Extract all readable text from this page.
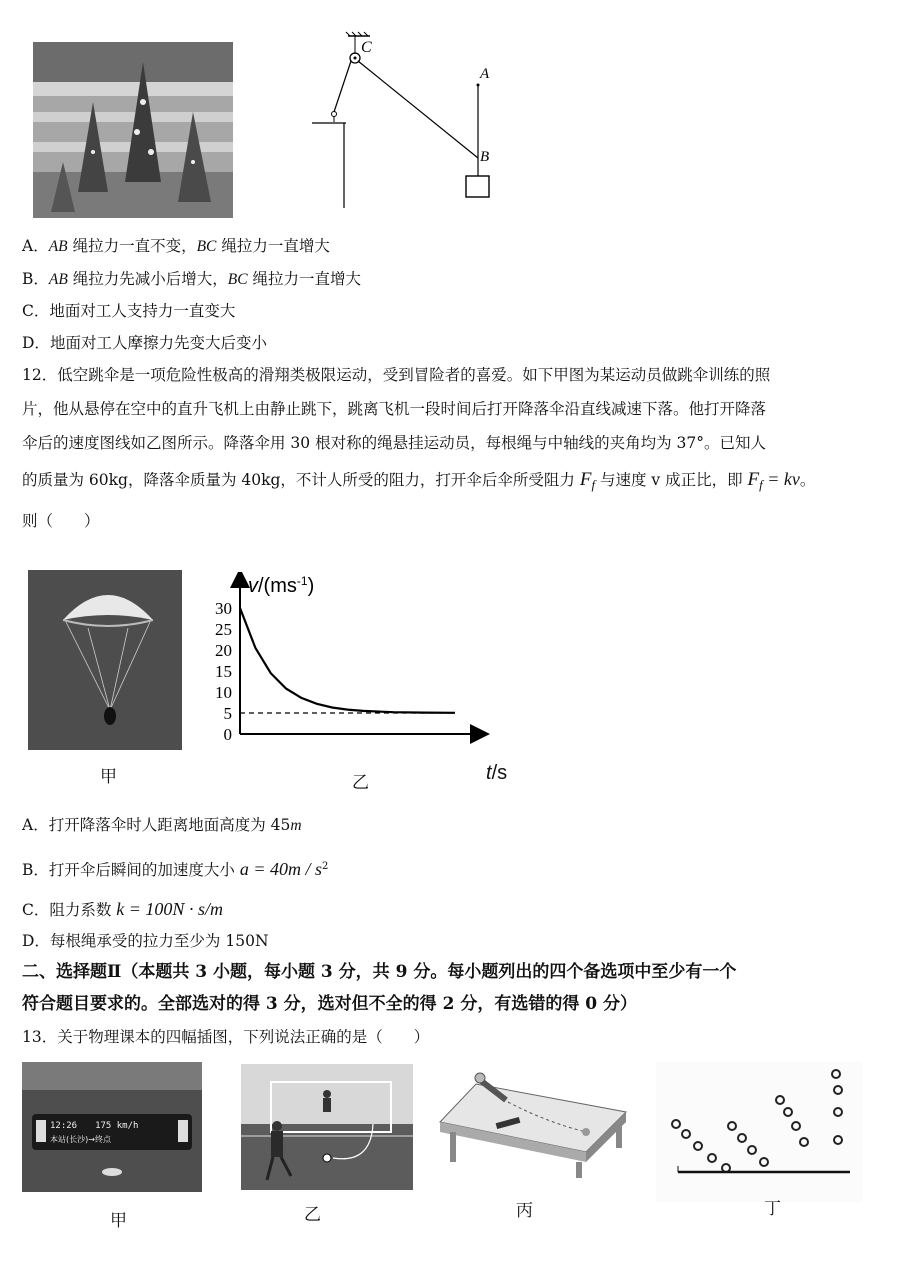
C
A
B
A．AB 绳拉力一直不变，BC 绳拉力一直增大
B．AB 绳拉力先减小后增大，BC 绳拉力一直增大
C．地面对工人支持力一直变大
D．地面对工人摩擦力先变大后变小
12．低空跳伞是一项危险性极高的滑翔类极限运动，受到冒险者的喜爱。如下甲图为某运动员做跳伞训练的照
片，他从悬停在空中的直升飞机上由静止跳下，跳离飞机一段时间后打开降落伞沿直线减速下落。他打开降落
伞后的速度图线如乙图所示。降落伞用 30 根对称的绳悬挂运动员，每根绳与中轴线的夹角均为 37°。已知人
的质量为 60kg，降落伞质量为 40kg，不计人所受的阻力，打开伞后伞所受阻力 $F_f$ 与速度 v 成正比，即 $F_f$ = kv。
则（　　）
甲
$v/(ms^{-1})$
0
5
10
15
20
25
30
乙	t/s
A．打开降落伞时人距离地面高度为 45m
B．打开伞后瞬间的加速度大小 $a = 40m / s^2$
C．阻力系数 k = 100N · s/m
D．每根绳承受的拉力至少为 150N
二、选择题Ⅱ（本题共 3 小题，每小题 3 分，共 9 分。每小题列出的四个备选项中至少有一个
符合题目要求的。全部选对的得 3 分，选对但不全的得 2 分，有选错的得 0 分）
13．关于物理课本的四幅插图，下列说法正确的是（　　）
12:26　　175 km/h
本站(长沙)→终点
甲	乙	丙	丁
